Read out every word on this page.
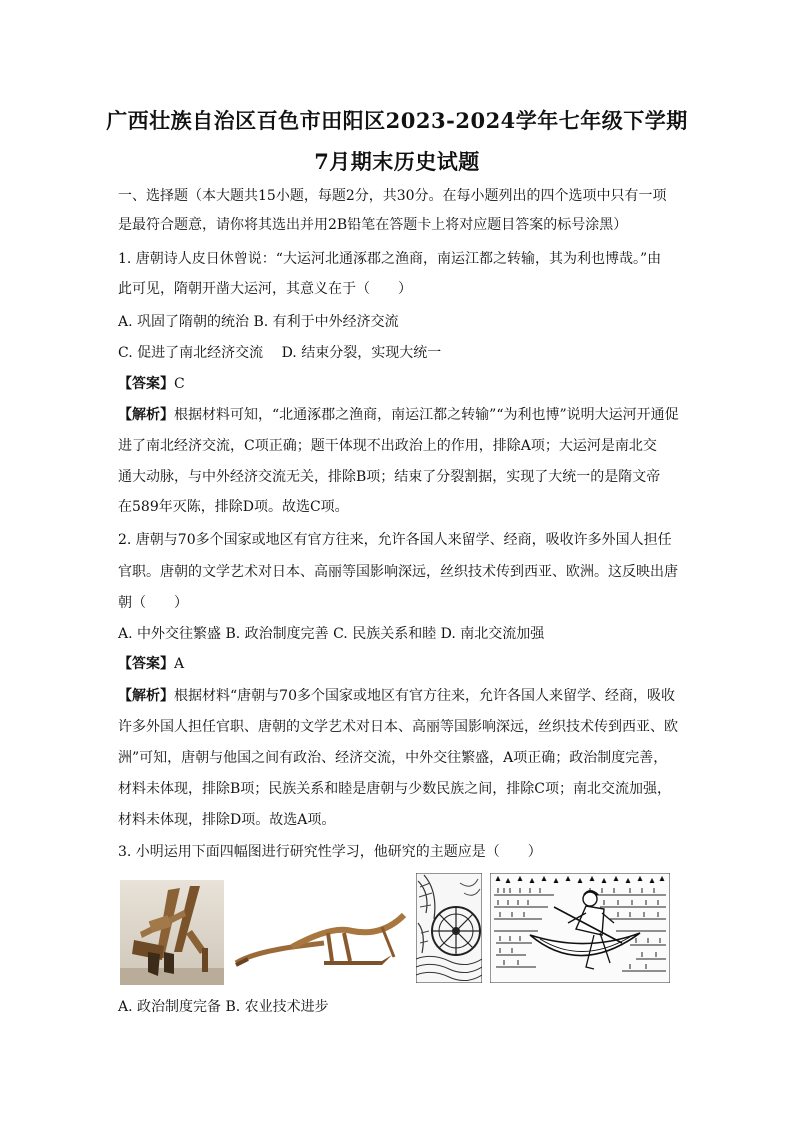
广西壮族自治区百色市田阳区2023-2024学年七年级下学期
7月期末历史试题
一、选择题（本大题共15小题，每题2分，共30分。在每小题列出的四个选项中只有一项
是最符合题意，请你将其选出并用2B铅笔在答题卡上将对应题目答案的标号涂黑）
1. 唐朝诗人皮日休曾说：“大运河北通涿郡之渔商，南运江都之转输，其为利也博哉。”由
此可见，隋朝开凿大运河，其意义在于（　　）
A. 巩固了隋朝的统治 B. 有利于中外经济交流
C. 促进了南北经济交流　 D. 结束分裂，实现大统一
【答案】C
【解析】根据材料可知，“北通涿郡之渔商，南运江都之转输”“为利也博”说明大运河开通促
进了南北经济交流，C项正确；题干体现不出政治上的作用，排除A项；大运河是南北交
通大动脉，与中外经济交流无关，排除B项；结束了分裂割据，实现了大统一的是隋文帝
在589年灭陈，排除D项。故选C项。
2. 唐朝与70多个国家或地区有官方往来，允许各国人来留学、经商，吸收许多外国人担任
官职。唐朝的文学艺术对日本、高丽等国影响深远，丝织技术传到西亚、欧洲。这反映出唐
朝（　　）
A. 中外交往繁盛 B. 政治制度完善 C. 民族关系和睦 D. 南北交流加强
【答案】A
【解析】根据材料“唐朝与70多个国家或地区有官方往来，允许各国人来留学、经商，吸收
许多外国人担任官职、唐朝的文学艺术对日本、高丽等国影响深远，丝织技术传到西亚、欧
洲”可知，唐朝与他国之间有政治、经济交流，中外交往繁盛，A项正确；政治制度完善，
材料未体现，排除B项；民族关系和睦是唐朝与少数民族之间，排除C项；南北交流加强，
材料未体现，排除D项。故选A项。
3. 小明运用下面四幅图进行研究性学习，他研究的主题应是（　　）
A. 政治制度完备 B. 农业技术进步
